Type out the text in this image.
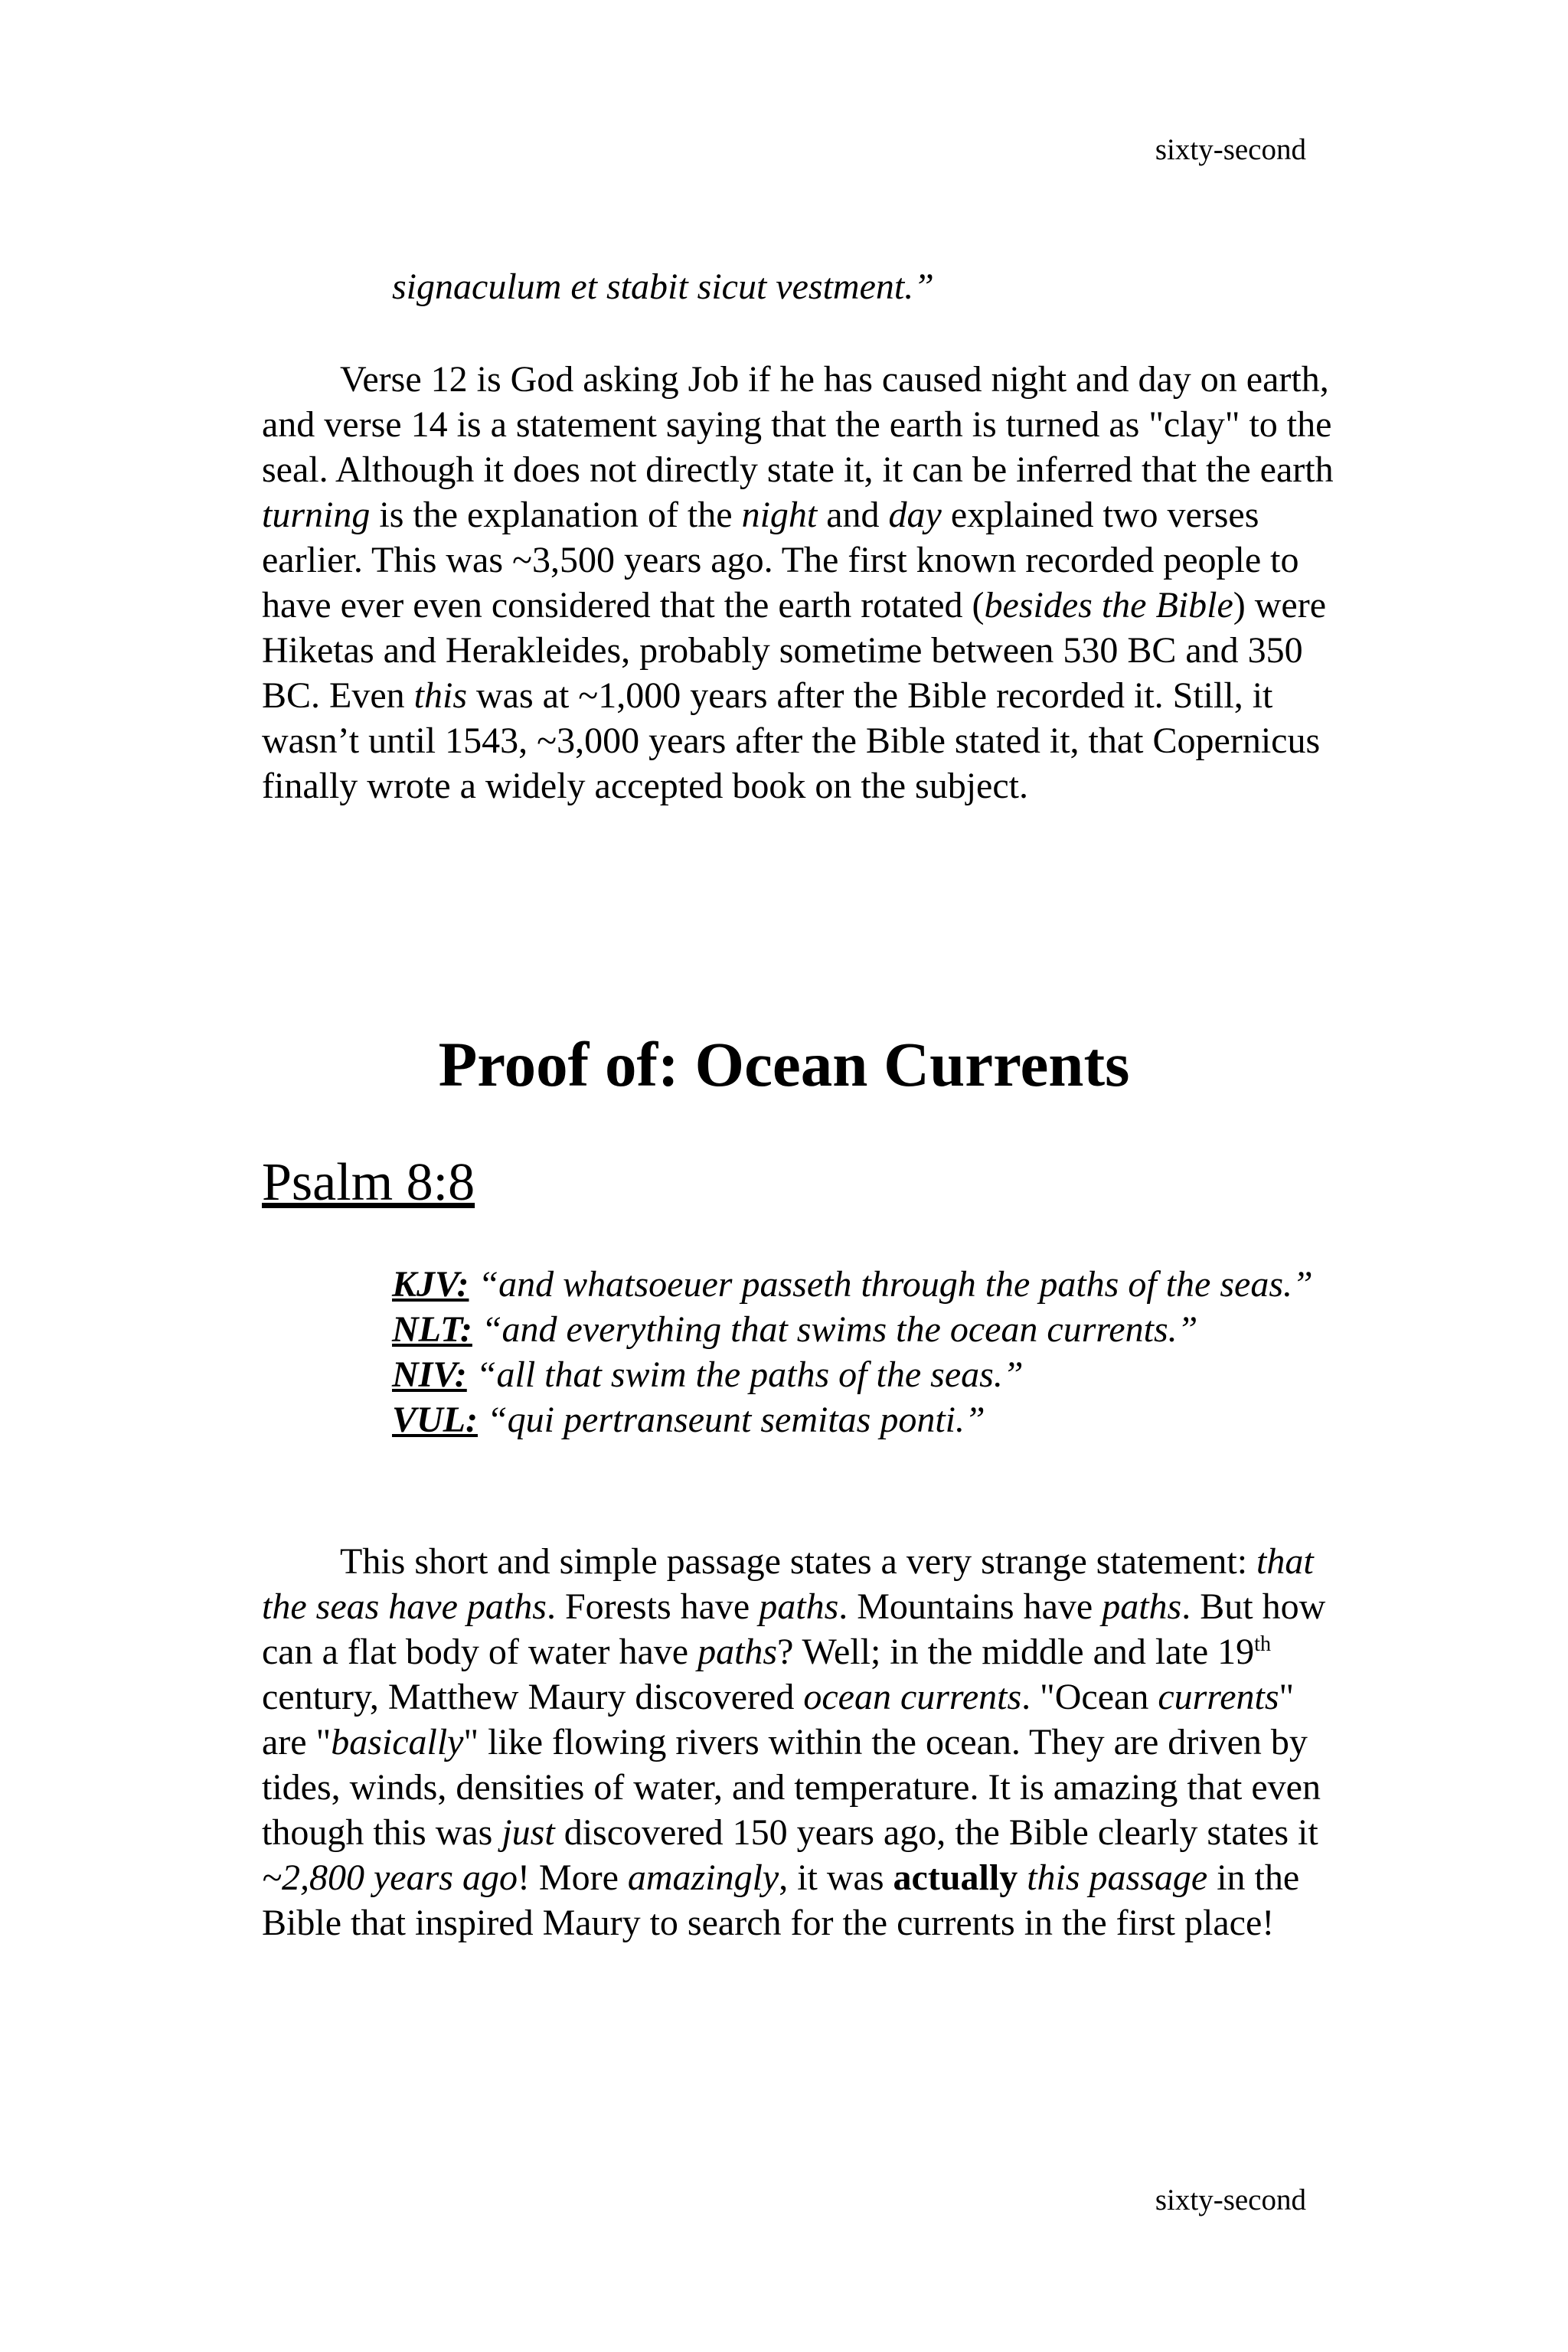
sixty-second
signaculum et stabit sicut vestment.”

Verse 12 is God asking Job if he has caused night and day on earth, and verse 14 is a statement saying that the earth is turned as "clay" to the seal. Although it does not directly state it, it can be inferred that the earth turning is the explanation of the night and day explained two verses earlier. This was ~3,500 years ago. The first known recorded people to have ever even considered that the earth rotated (besides the Bible) were Hiketas and Herakleides, probably sometime between 530 BC and 350 BC. Even this was at ~1,000 years after the Bible recorded it. Still, it wasn’t until 1543, ~3,000 years after the Bible stated it, that Copernicus finally wrote a widely accepted book on the subject.

Proof of: Ocean Currents
Psalm 8:8

KJV: “and whatsoeuer passeth through the paths of the seas.”

NLT: “and everything that swims the ocean currents.”

NIV: “all that swim the paths of the seas.”

VUL: “qui pertranseunt semitas ponti.”

This short and simple passage states a very strange statement: that the seas have paths. Forests have paths. Mountains have paths. But how can a flat body of water have paths? Well; in the middle and late 19th century, Matthew Maury discovered ocean currents. "Ocean currents" are "basically" like flowing rivers within the ocean. They are driven by tides, winds, densities of water, and temperature. It is amazing that even though this was just discovered 150 years ago, the Bible clearly states it ~2,800 years ago! More amazingly, it was actually this passage in the Bible that inspired Maury to search for the currents in the first place!

sixty-second
